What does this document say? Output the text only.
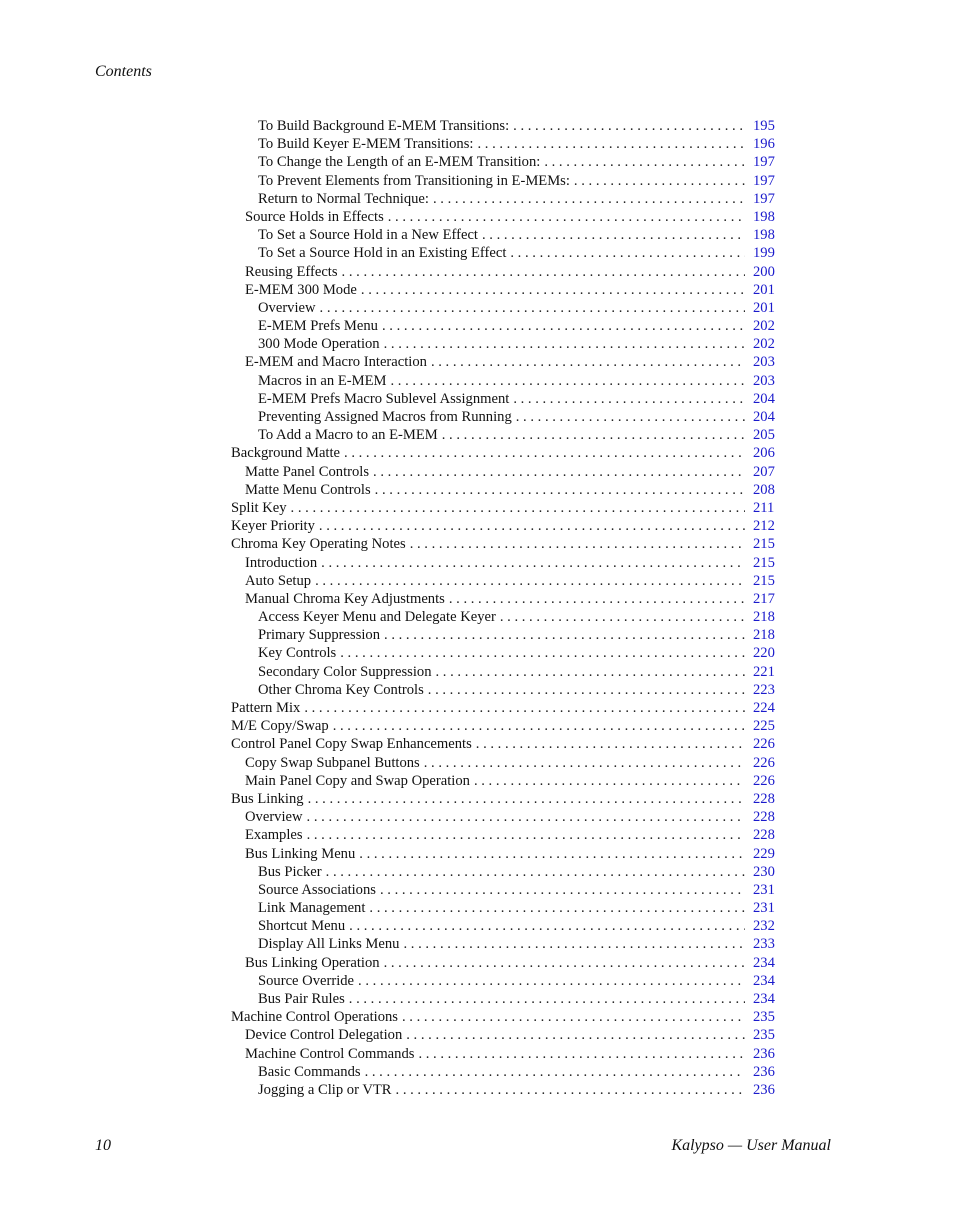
Contents
To Build Background E-MEM Transitions: . . .	195
To Build Keyer E-MEM Transitions: . . .	196
To Change the Length of an E-MEM Transition: . . .	197
To Prevent Elements from Transitioning in E-MEMs: . . .	197
Return to Normal Technique: . . .	197
Source Holds in Effects . . .	198
To Set a Source Hold in a New Effect . . .	198
To Set a Source Hold in an Existing Effect . . .	199
Reusing Effects . . .	200
E-MEM 300 Mode . . .	201
Overview . . .	201
E-MEM Prefs Menu . . .	202
300 Mode Operation . . .	202
E-MEM and Macro Interaction . . .	203
Macros in an E-MEM . . .	203
E-MEM Prefs Macro Sublevel Assignment . . .	204
Preventing Assigned Macros from Running . . .	204
To Add a Macro to an E-MEM . . .	205
Background Matte . . .	206
Matte Panel Controls . . .	207
Matte Menu Controls . . .	208
Split Key . . .	211
Keyer Priority . . .	212
Chroma Key Operating Notes . . .	215
Introduction . . .	215
Auto Setup . . .	215
Manual Chroma Key Adjustments . . .	217
Access Keyer Menu and Delegate Keyer . . .	218
Primary Suppression . . .	218
Key Controls . . .	220
Secondary Color Suppression . . .	221
Other Chroma Key Controls . . .	223
Pattern Mix . . .	224
M/E Copy/Swap . . .	225
Control Panel Copy Swap Enhancements . . .	226
Copy Swap Subpanel Buttons . . .	226
Main Panel Copy and Swap Operation . . .	226
Bus Linking . . .	228
Overview . . .	228
Examples . . .	228
Bus Linking Menu . . .	229
Bus Picker . . .	230
Source Associations . . .	231
Link Management . . .	231
Shortcut Menu . . .	232
Display All Links Menu . . .	233
Bus Linking Operation . . .	234
Source Override . . .	234
Bus Pair Rules . . .	234
Machine Control Operations . . .	235
Device Control Delegation . . .	235
Machine Control Commands . . .	236
Basic Commands . . .	236
Jogging a Clip or VTR . . .	236
10	Kalypso — User Manual
